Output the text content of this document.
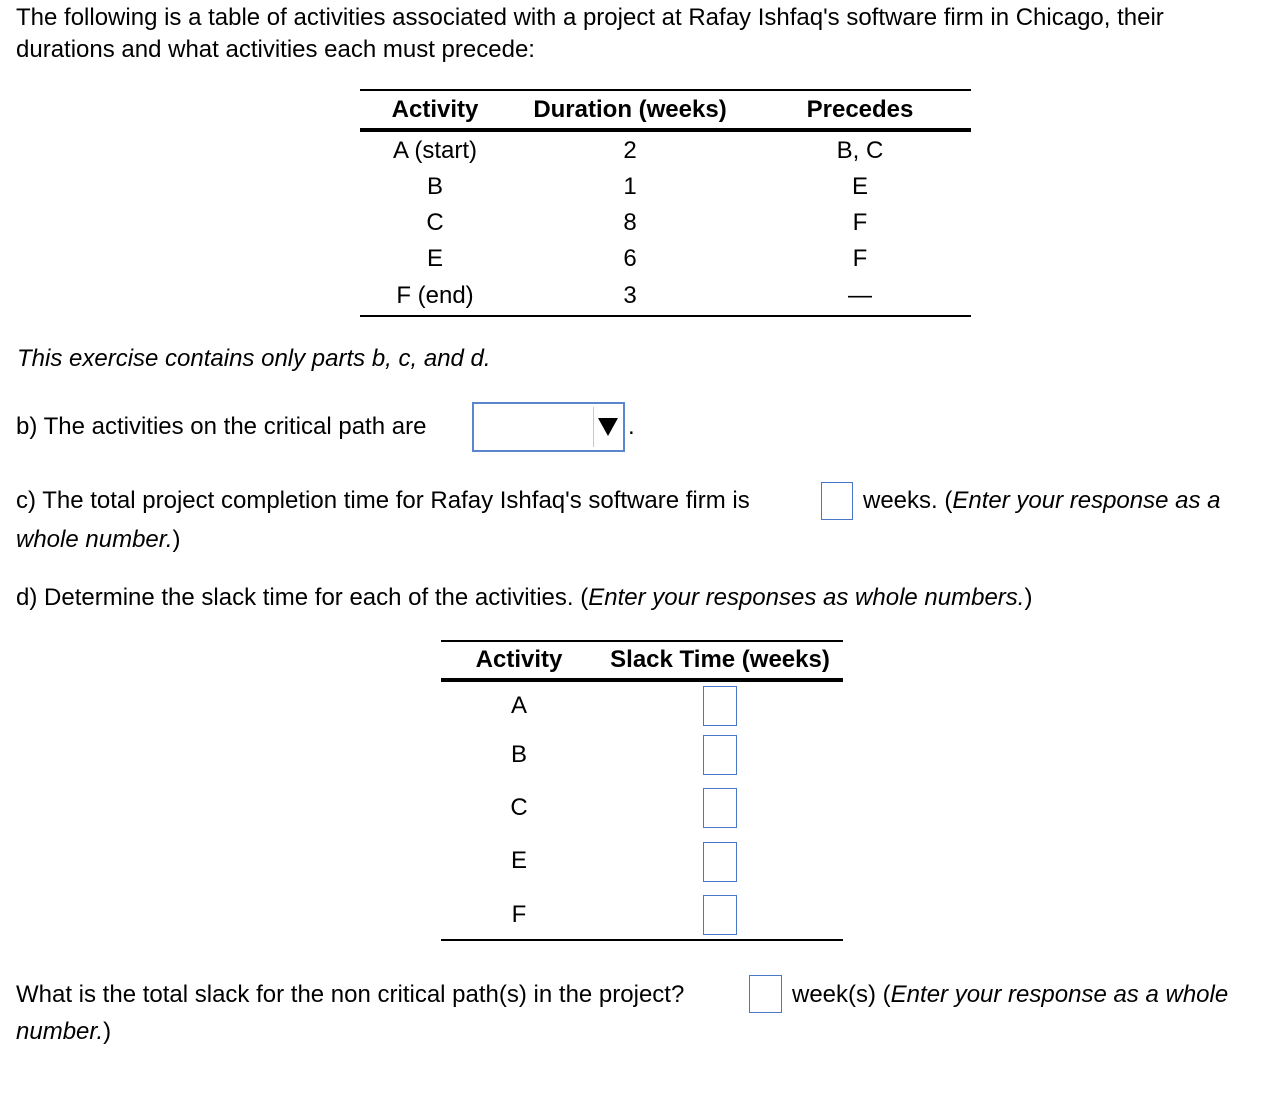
The following is a table of activities associated with a project at Rafay Ishfaq's software firm in Chicago, their
durations and what activities each must precede:
Activity	Duration (weeks)	Precedes
A (start)	2	B, C
B	1	E
C	8	F
E	6	F
F (end)	3	—
This exercise contains only parts b, c, and d.
b) The activities on the critical path are	.
c) The total project completion time for Rafay Ishfaq's software firm is	weeks. (Enter your response as a
whole number.)
d) Determine the slack time for each of the activities. (Enter your responses as whole numbers.)
Activity	Slack Time (weeks)
A
B
C
E
F
What is the total slack for the non critical path(s) in the project?	week(s) (Enter your response as a whole
number.)
